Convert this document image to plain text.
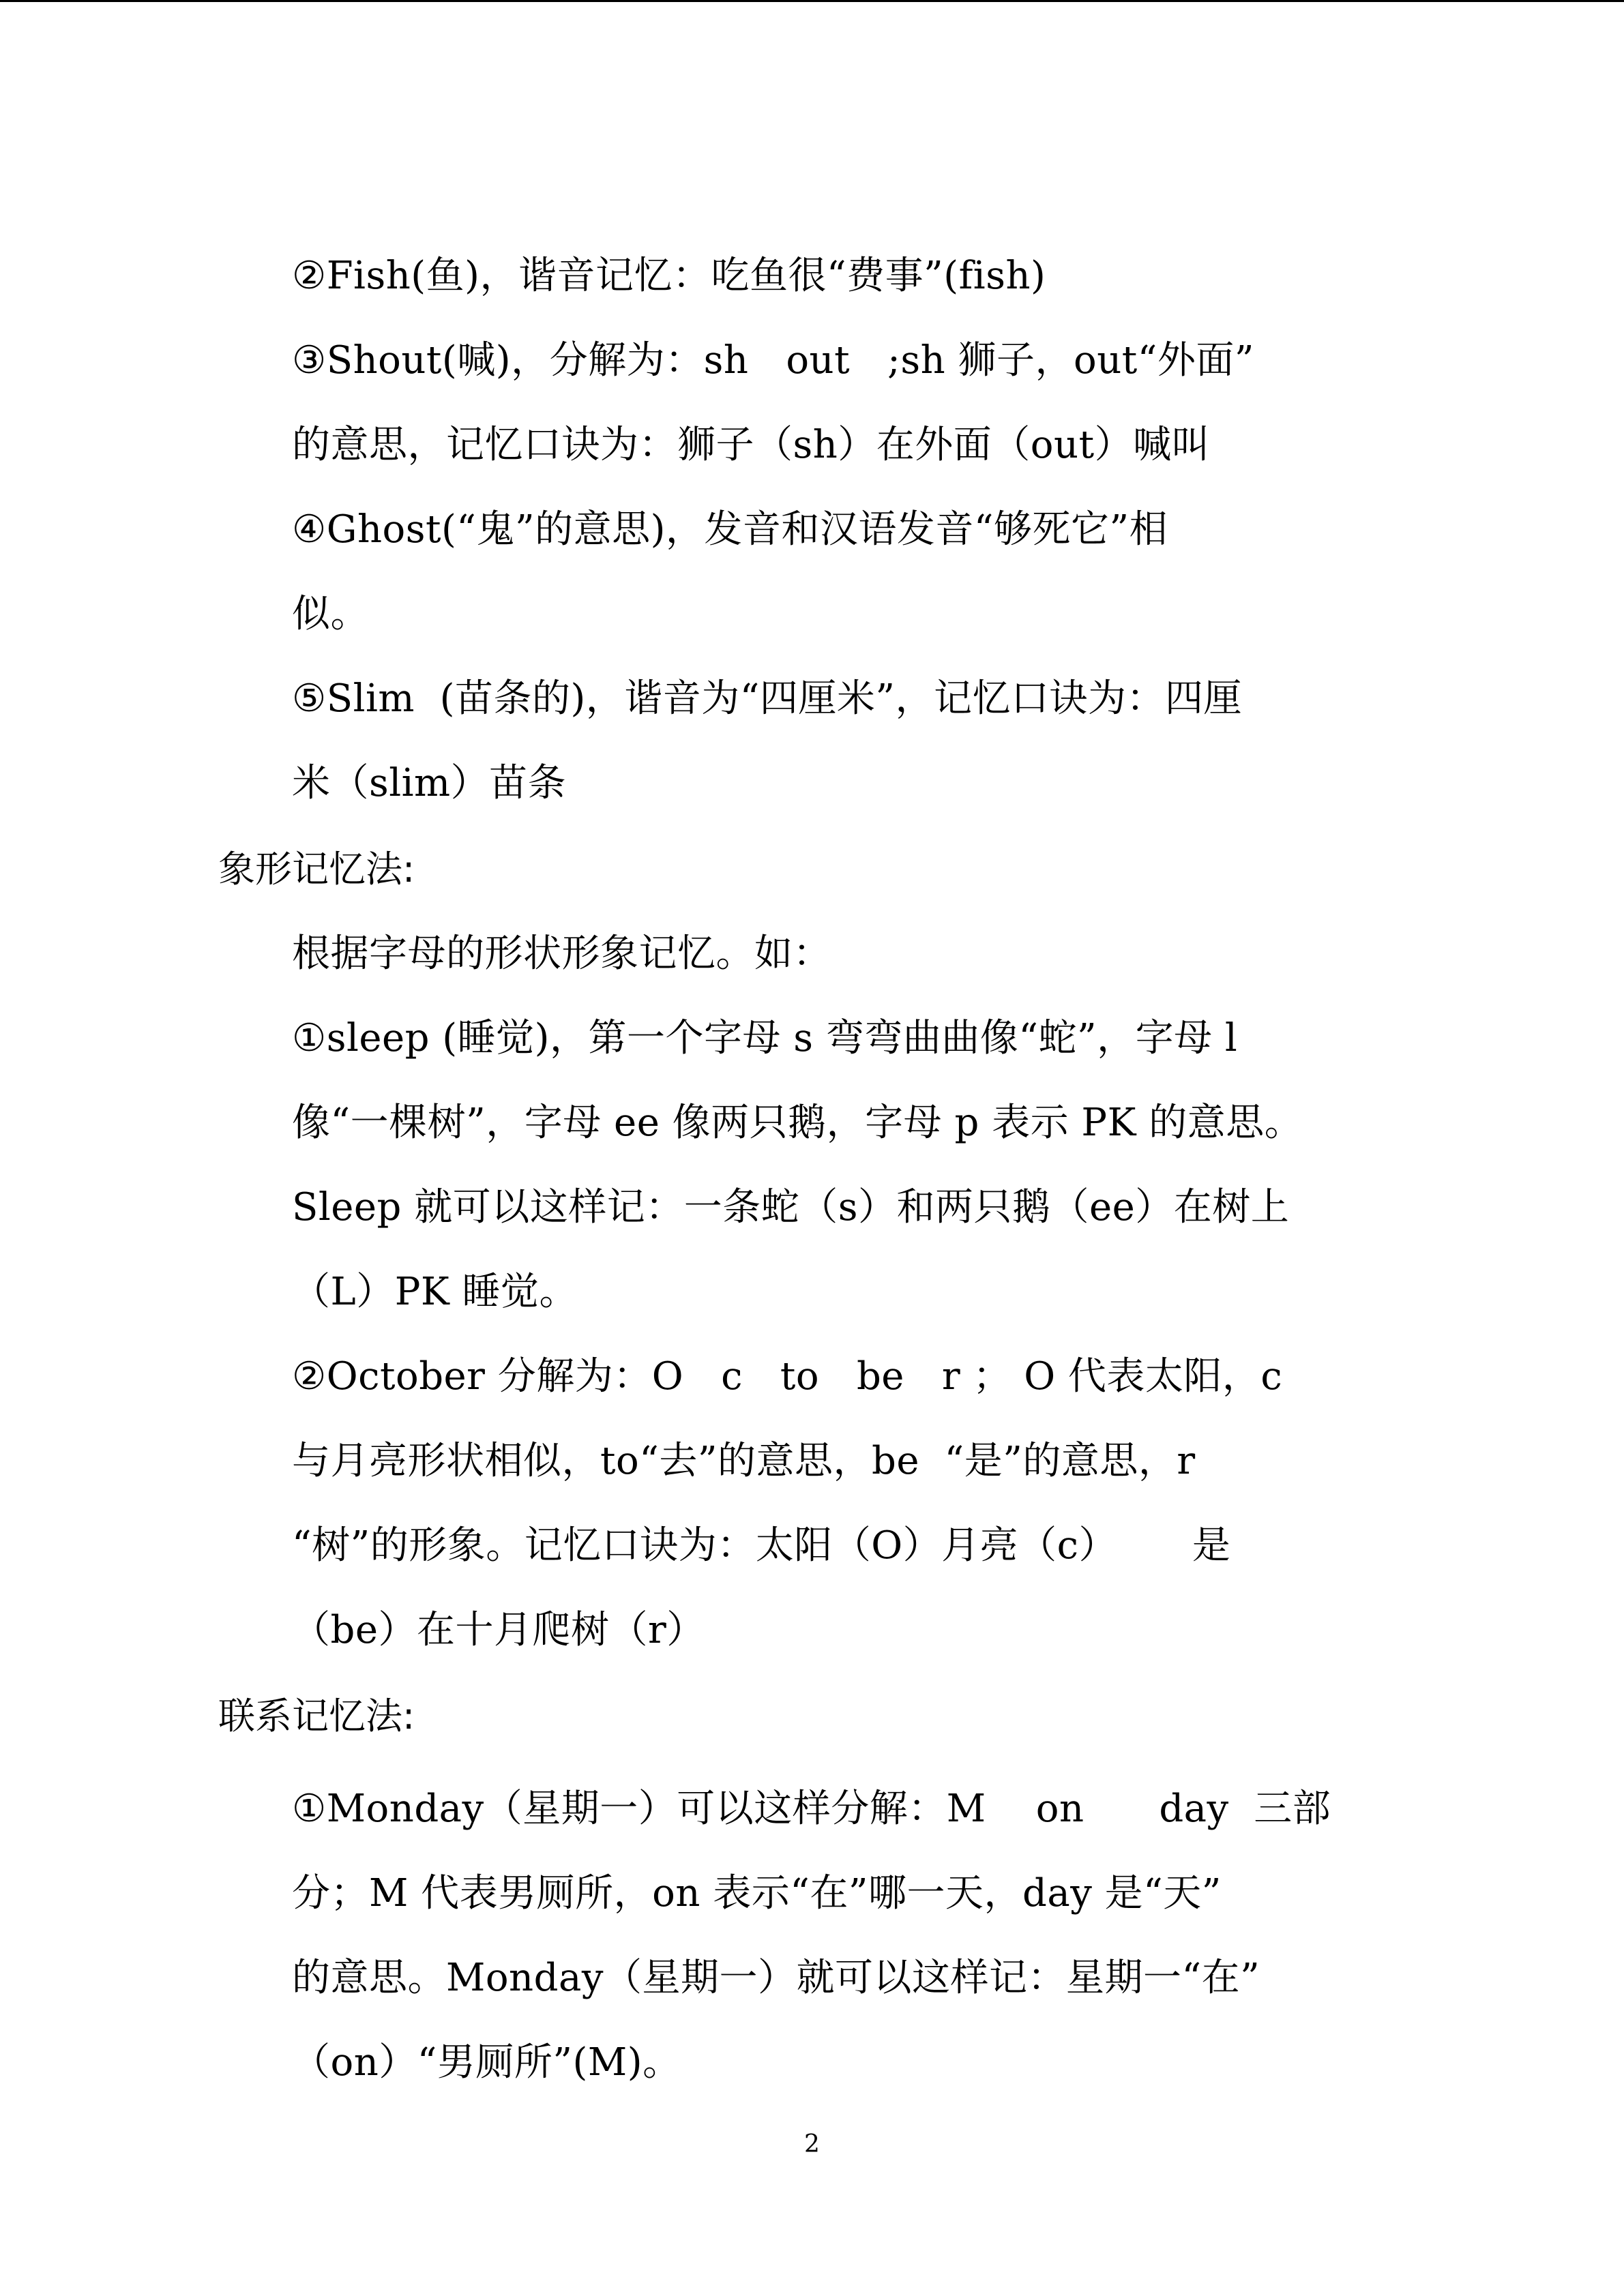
②Fish(鱼)，谐音记忆：吃鱼很“费事”(fish)
③Shout(喊)，分解为：sh   out   ;sh 狮子，out“外面”
的意思，记忆口诀为：狮子（sh）在外面（out）喊叫
④Ghost(“鬼”的意思)，发音和汉语发音“够死它”相
似。
⑤Slim  (苗条的)，谐音为“四厘米”，记忆口诀为：四厘
米（slim）苗条
象形记忆法:
根据字母的形状形象记忆。如：
①sleep (睡觉)，第一个字母 s 弯弯曲曲像“蛇”，字母 l
像“一棵树”，字母 ee 像两只鹅，字母 p 表示 PK 的意思。
Sleep 就可以这样记：一条蛇（s）和两只鹅（ee）在树上
（L）PK 睡觉。
②October 分解为：O   c   to   be   r ； O 代表太阳，c
与月亮形状相似，to“去”的意思，be  “是”的意思，r
“树”的形象。记忆口诀为：太阳（O）月亮（c）      是
（be）在十月爬树（r）
联系记忆法:
①Monday（星期一）可以这样分解：M    on      day  三部
分；M 代表男厕所，on 表示“在”哪一天，day 是“天”
的意思。Monday（星期一）就可以这样记：星期一“在”
（on）“男厕所”(M)。
2
